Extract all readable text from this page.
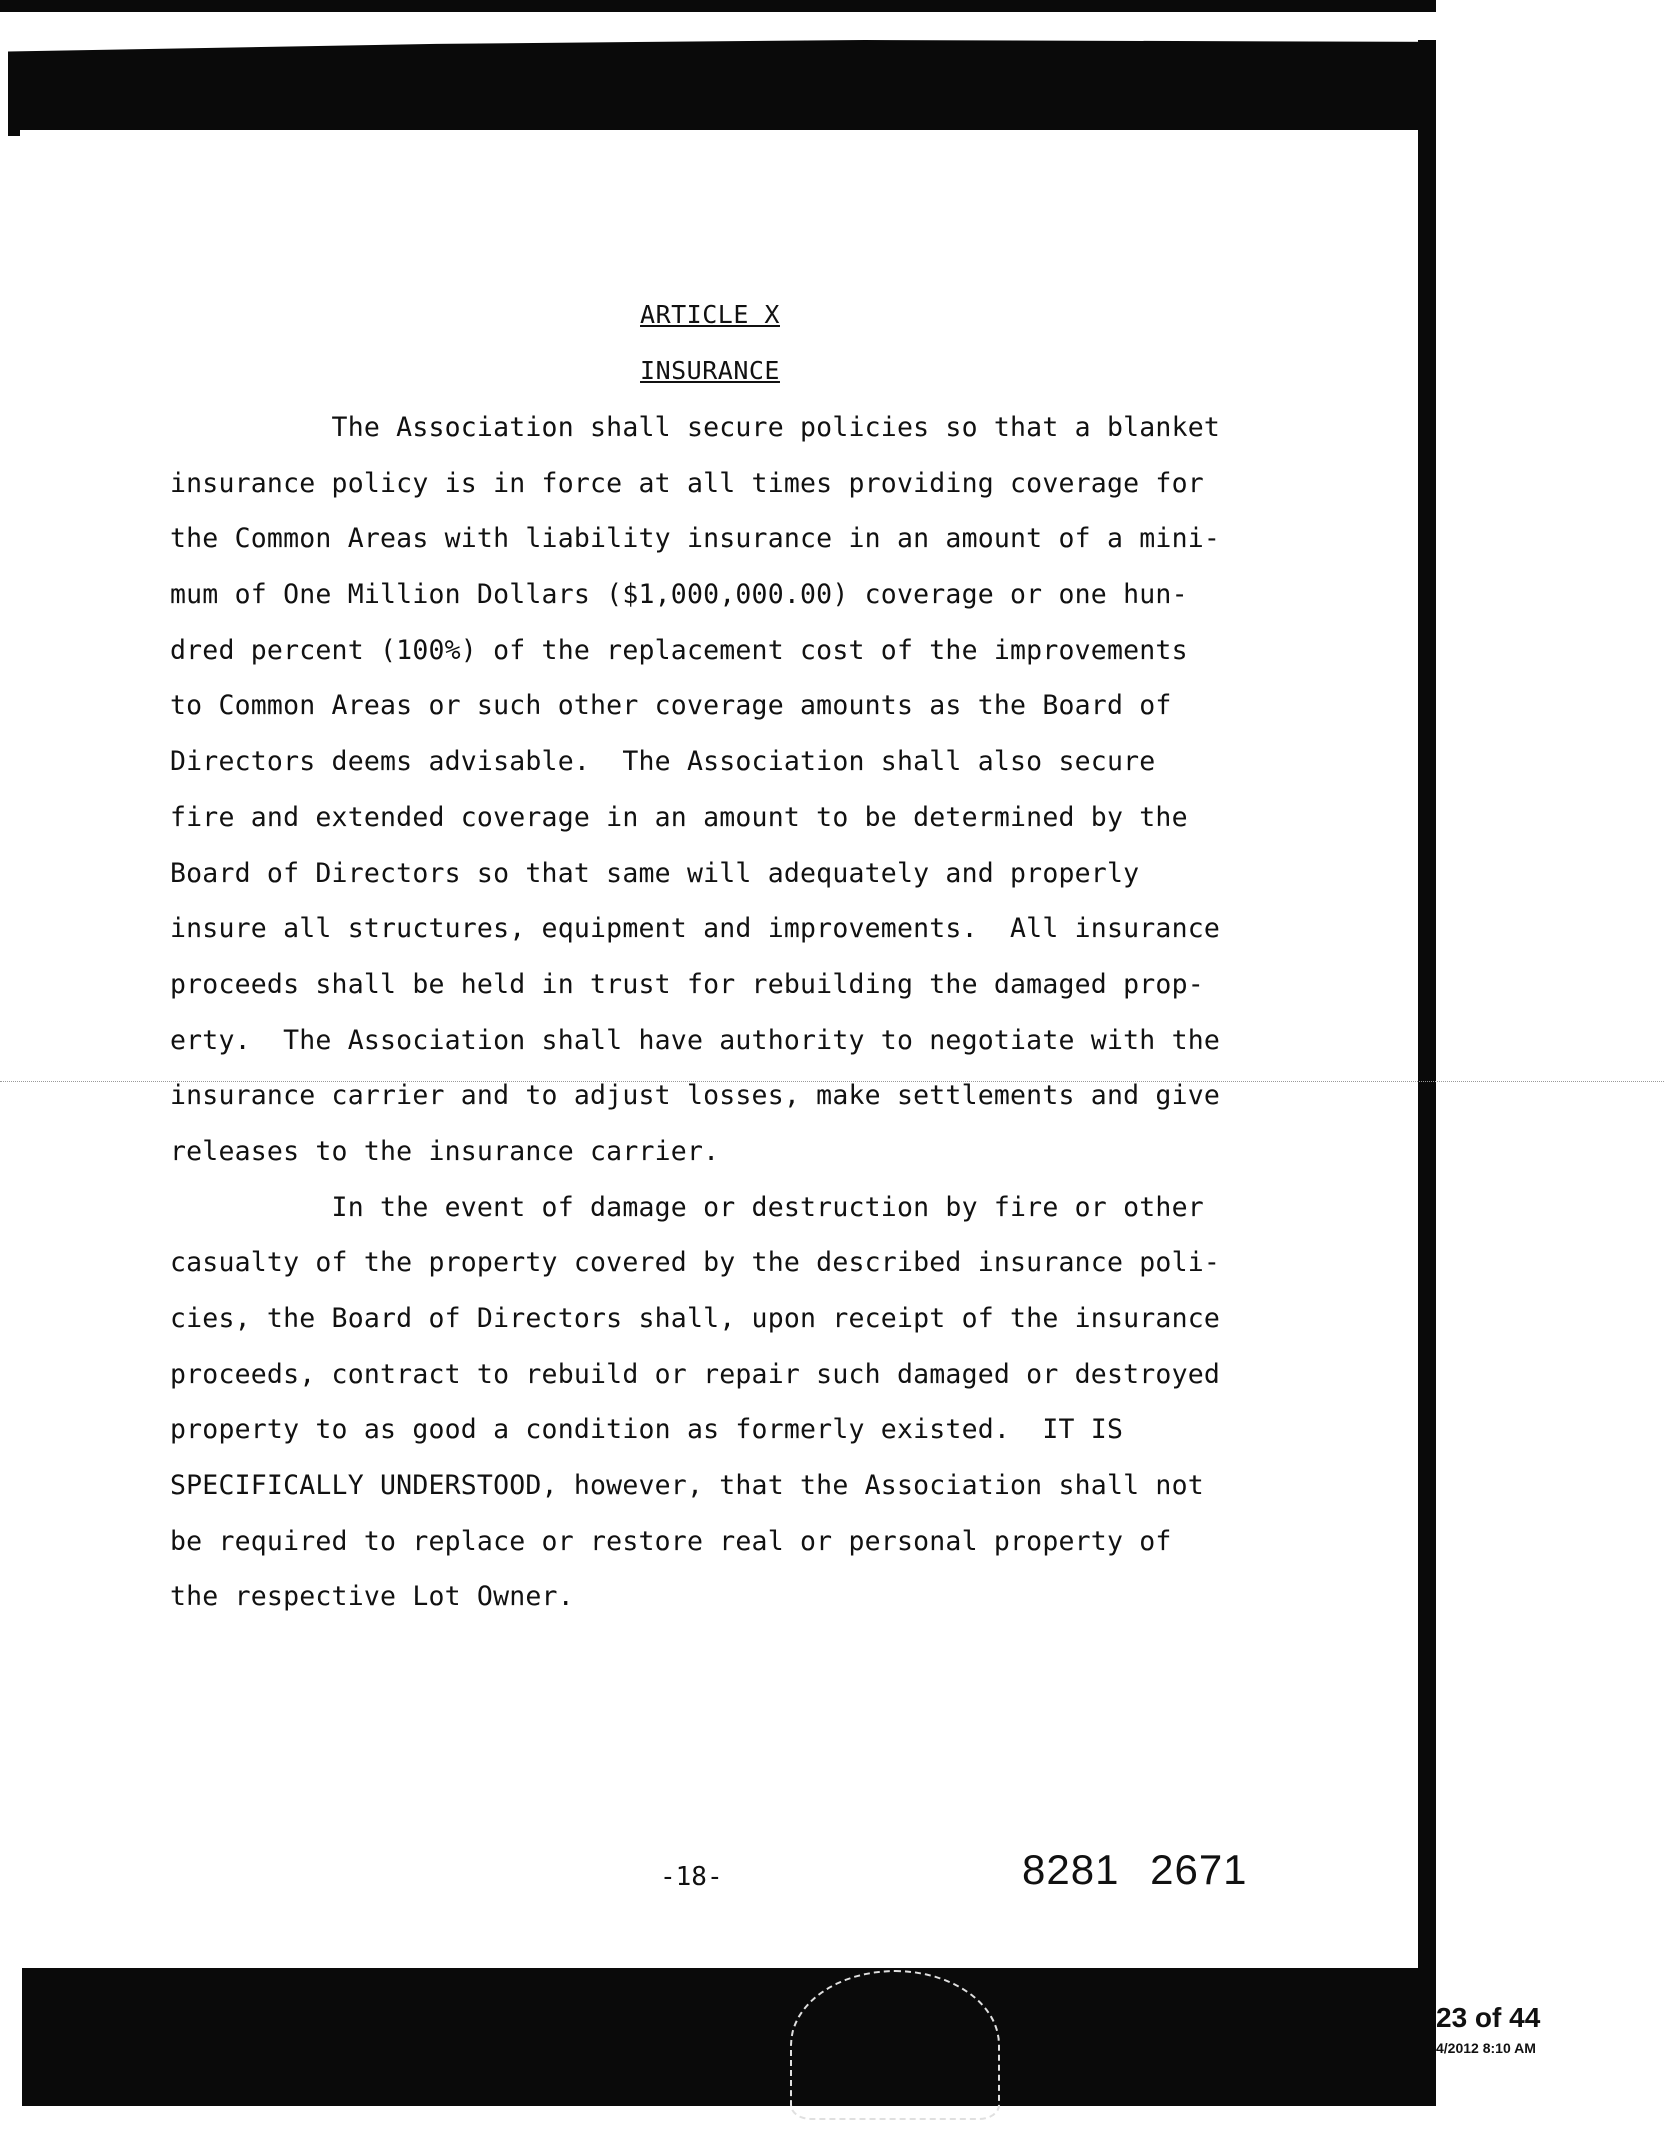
ARTICLE X
INSURANCE
The Association shall secure policies so that a blanket
insurance policy is in force at all times providing coverage for
the Common Areas with liability insurance in an amount of a mini-
mum of One Million Dollars ($1,000,000.00) coverage or one hun-
dred percent (100%) of the replacement cost of the improvements
to Common Areas or such other coverage amounts as the Board of
Directors deems advisable.  The Association shall also secure
fire and extended coverage in an amount to be determined by the
Board of Directors so that same will adequately and properly
insure all structures, equipment and improvements.  All insurance
proceeds shall be held in trust for rebuilding the damaged prop-
erty.  The Association shall have authority to negotiate with the
insurance carrier and to adjust losses, make settlements and give
releases to the insurance carrier.
In the event of damage or destruction by fire or other
casualty of the property covered by the described insurance poli-
cies, the Board of Directors shall, upon receipt of the insurance
proceeds, contract to rebuild or repair such damaged or destroyed
property to as good a condition as formerly existed.  IT IS
SPECIFICALLY UNDERSTOOD, however, that the Association shall not
be required to replace or restore real or personal property of
the respective Lot Owner.
-18-	8281 2671
23 of 44
4/2012 8:10 AM
